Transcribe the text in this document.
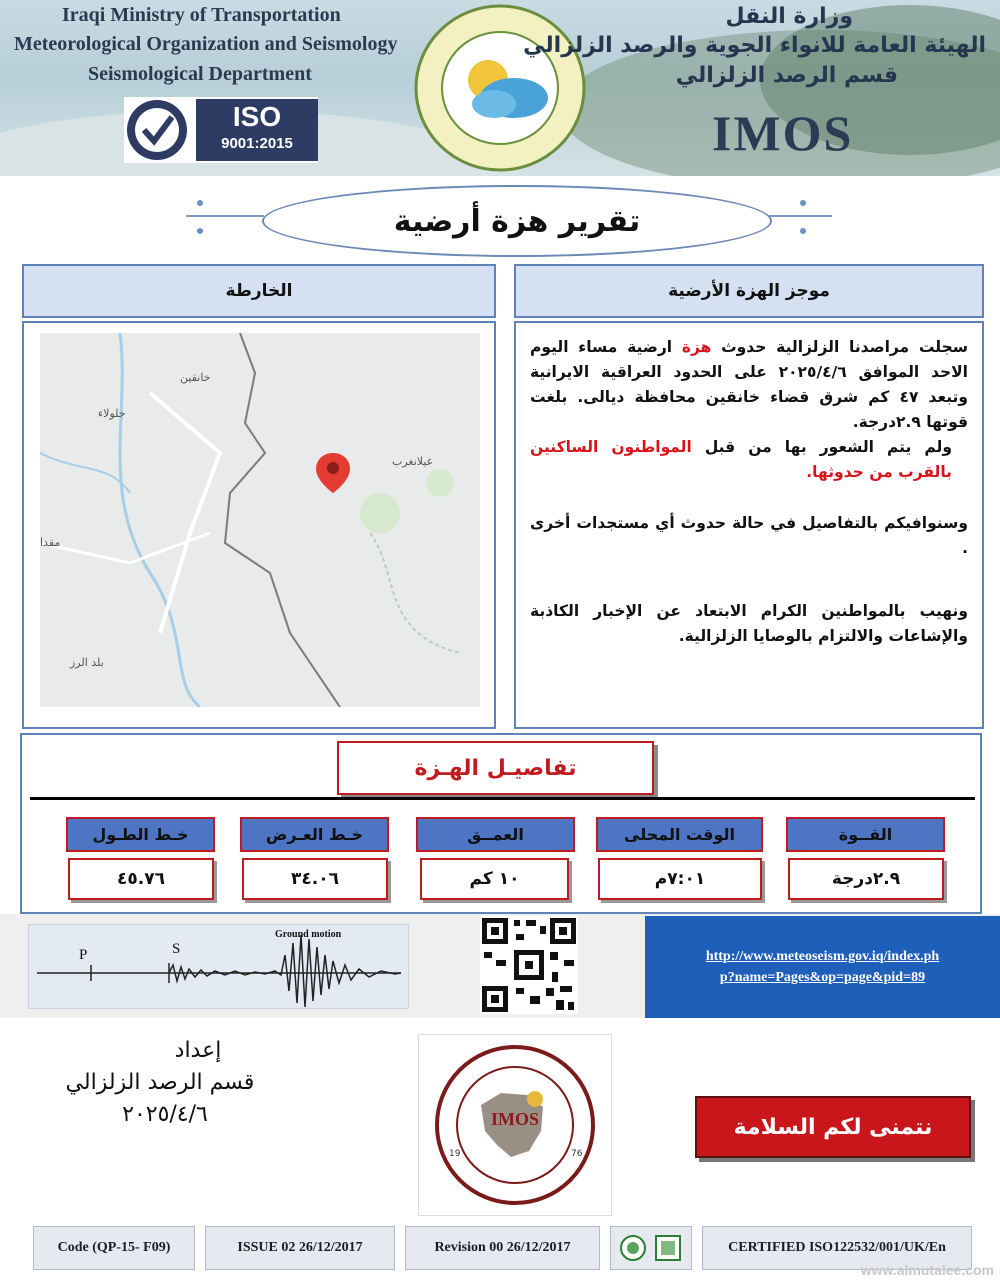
Iraqi Ministry of Transportation
Meteorological Organization and Seismology
Seismological Department
ISO
9001:2015
وزارة النقل
الهيئة العامة للانواء الجوية والرصد الزلزالي
قسم الرصد الزلزالي
IMOS
تقرير هزة أرضية
موجز الهزة الأرضية

سجلت مراصدنا الزلزالية حدوث هزة ارضية مساء اليوم الاحد الموافق ٢٠٢٥/٤/٦ على الحدود العراقية الايرانية وتبعد ٤٧ كم شرق قضاء خانقين محافظة ديالى. بلغت قوتها ٢.٩درجة.

ولم يتم الشعور بها من قبل المواطنون الساكنين بالقرب من حدوثها.

وسنوافيكم بالتفاصيل في حالة حدوث أي مستجدات أخرى .

ونهيب بالمواطنين الكرام الابتعاد عن الإخبار الكاذبة والإشاعات والالتزام بالوصايا الزلزالية.

الخارطة
خانقين
جلولاء
مقدا
بلد الرز
غيلانغرب
تفاصيـل الهـزة
القــوة
٢.٩درجة
الوقت المحلى
٧:٠١م
العمــق
١٠ كم
خـط العـرض
٣٤.٠٦
خـط الطـول
٤٥.٧٦
P	S
Ground motion
http://www.meteoseism.gov.iq/index.ph
p?name=Pages&op=page&pid=89
إعداد
قسم الرصد الزلزالي
٢٠٢٥/٤/٦	IMOS
19	76
نتمنى لكم السلامة
Code (QP-15- F09)	ISSUE 02 26/12/2017	Revision 00 26/12/2017	CERTIFIED ISO122532/001/UK/En
www.almutalee.com
